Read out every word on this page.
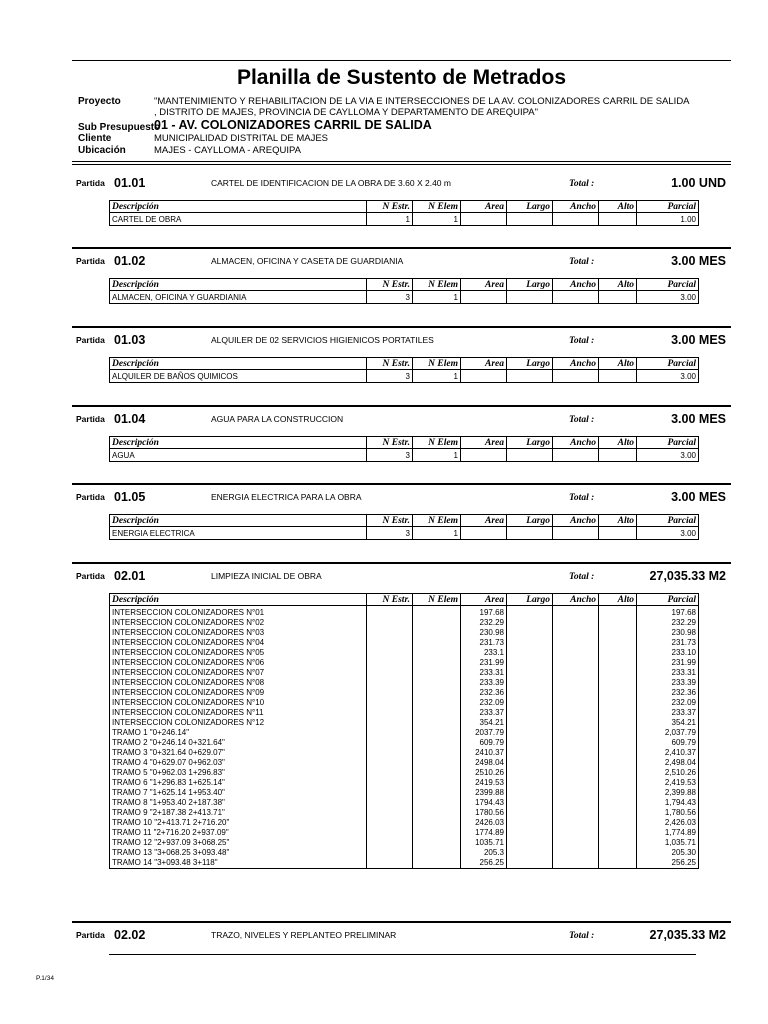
Planilla de Sustento de Metrados
Proyecto	"MANTENIMIENTO Y REHABILITACION DE LA VIA E INTERSECCIONES DE LA AV. COLONIZADORES CARRIL DE SALIDA , DISTRITO DE MAJES, PROVINCIA DE CAYLLOMA Y DEPARTAMENTO DE AREQUIPA"
Sub Presupuesto
01 - AV. COLONIZADORES CARRIL DE SALIDA
Cliente	MUNICIPALIDAD DISTRITAL DE MAJES
Ubicación	MAJES - CAYLLOMA - AREQUIPA
Partida 01.01	CARTEL DE IDENTIFICACION DE LA OBRA DE 3.60 X 2.40 m	Total :	1.00 UND
Descripción	N Estr.	N Elem	Area	Largo	Ancho	Alto	Parcial
CARTEL DE OBRA	1	1					1.00
Partida 01.02	ALMACEN, OFICINA Y CASETA DE GUARDIANIA	Total :	3.00 MES
Descripción	N Estr.	N Elem	Area	Largo	Ancho	Alto	Parcial
ALMACEN, OFICINA Y GUARDIANIA	3	1					3.00
Partida 01.03	ALQUILER DE 02 SERVICIOS HIGIENICOS PORTATILES	Total :	3.00 MES
Descripción	N Estr.	N Elem	Area	Largo	Ancho	Alto	Parcial
ALQUILER DE BAÑOS QUIMICOS	3	1					3.00
Partida 01.04	AGUA PARA LA CONSTRUCCION	Total :	3.00 MES
Descripción	N Estr.	N Elem	Area	Largo	Ancho	Alto	Parcial
AGUA	3	1					3.00
Partida 01.05	ENERGIA ELECTRICA PARA LA OBRA	Total :	3.00 MES
Descripción	N Estr.	N Elem	Area	Largo	Ancho	Alto	Parcial
ENERGIA ELECTRICA	3	1					3.00
Partida 02.01	LIMPIEZA INICIAL DE OBRA	Total :	27,035.33 M2
Descripción	N Estr.	N Elem	Area	Largo	Ancho	Alto	Parcial
INTERSECCION COLONIZADORES N°01			197.68				197.68
INTERSECCION COLONIZADORES N°02			232.29				232.29
INTERSECCION COLONIZADORES N°03			230.98				230.98
INTERSECCION COLONIZADORES N°04			231.73				231.73
INTERSECCION COLONIZADORES N°05			233.1				233.10
INTERSECCION COLONIZADORES N°06			231.99				231.99
INTERSECCION COLONIZADORES N°07			233.31				233.31
INTERSECCION COLONIZADORES N°08			233.39				233.39
INTERSECCION COLONIZADORES N°09			232.36				232.36
INTERSECCION COLONIZADORES N°10			232.09				232.09
INTERSECCION COLONIZADORES N°11			233.37				233.37
INTERSECCION COLONIZADORES N°12			354.21				354.21
TRAMO 1 "0+246.14"			2037.79				2,037.79
TRAMO 2 "0+246.14 0+321.64"			609.79				609.79
TRAMO 3 "0+321.64 0+629.07"			2410.37				2,410.37
TRAMO 4 "0+629.07 0+962.03"			2498.04				2,498.04
TRAMO 5 "0+962.03 1+296.83"			2510.26				2,510.26
TRAMO 6 "1+296.83 1+625.14"			2419.53				2,419.53
TRAMO 7 "1+625.14 1+953.40"			2399.88				2,399.88
TRAMO 8 "1+953.40 2+187.38"			1794.43				1,794.43
TRAMO 9 "2+187.38 2+413.71"			1780.56				1,780.56
TRAMO 10 "2+413.71 2+716.20"			2426.03				2,426.03
TRAMO 11 "2+716.20 2+937.09"			1774.89				1,774.89
TRAMO 12 "2+937.09 3+068.25"			1035.71				1,035.71
TRAMO 13 "3+068.25 3+093.48"			205.3				205.30
TRAMO 14 "3+093.48 3+118"			256.25				256.25
Partida 02.02	TRAZO, NIVELES Y REPLANTEO PRELIMINAR	Total :	27,035.33 M2
P.1/34
